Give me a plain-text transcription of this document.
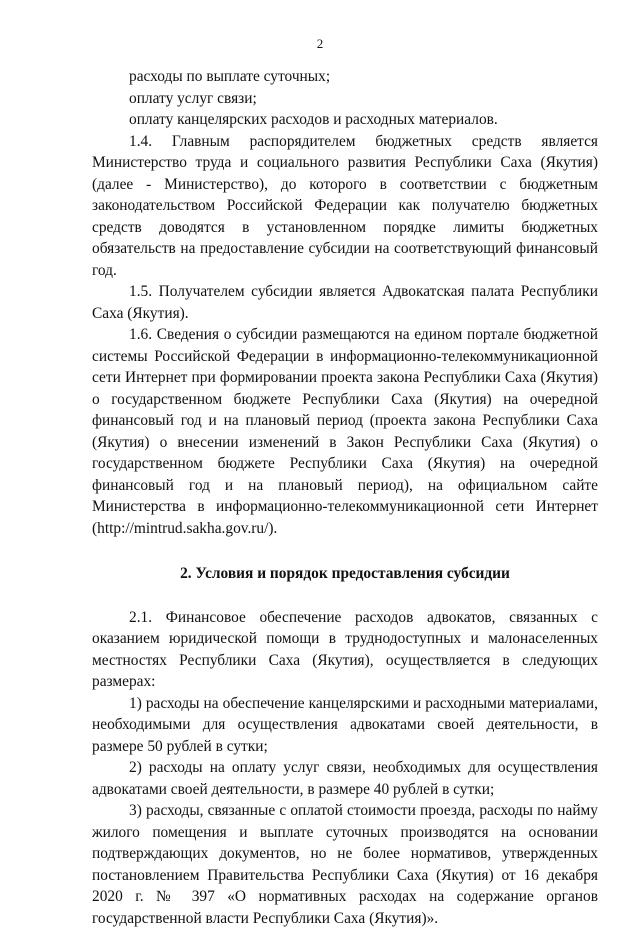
2

расходы по выплате суточных;

оплату услуг связи;

оплату канцелярских расходов и расходных материалов.

1.4. Главным распорядителем бюджетных средств является Министерство труда и социального развития Республики Саха (Якутия) (далее - Министерство), до которого в соответствии с бюджетным законодательством Российской Федерации как получателю бюджетных средств доводятся в установленном порядке лимиты бюджетных обязательств на предоставление субсидии на соответствующий финансовый год.

1.5. Получателем субсидии является Адвокатская палата Республики Саха (Якутия).

1.6. Сведения о субсидии размещаются на едином портале бюджетной системы Российской Федерации в информационно-телекоммуникационной сети Интернет при формировании проекта закона Республики Саха (Якутия) о государственном бюджете Республики Саха (Якутия) на очередной финансовый год и на плановый период (проекта закона Республики Саха (Якутия) о внесении изменений в Закон Республики Саха (Якутия) о государственном бюджете Республики Саха (Якутия) на очередной финансовый год и на плановый период), на официальном сайте Министерства в информационно-телекоммуникационной сети Интернет (http://mintrud.sakha.gov.ru/).

2. Условия и порядок предоставления субсидии

2.1. Финансовое обеспечение расходов адвокатов, связанных с оказанием юридической помощи в труднодоступных и малонаселенных местностях Республики Саха (Якутия), осуществляется в следующих размерах:

1) расходы на обеспечение канцелярскими и расходными материалами, необходимыми для осуществления адвокатами своей деятельности, в размере 50 рублей в сутки;

2) расходы на оплату услуг связи, необходимых для осуществления адвокатами своей деятельности, в размере 40 рублей в сутки;

3) расходы, связанные с оплатой стоимости проезда, расходы по найму жилого помещения и выплате суточных производятся на основании подтверждающих документов, но не более нормативов, утвержденных постановлением Правительства Республики Саха (Якутия) от 16 декабря 2020 г. № 397 «О нормативных расходах на содержание органов государственной власти Республики Саха (Якутия)».
